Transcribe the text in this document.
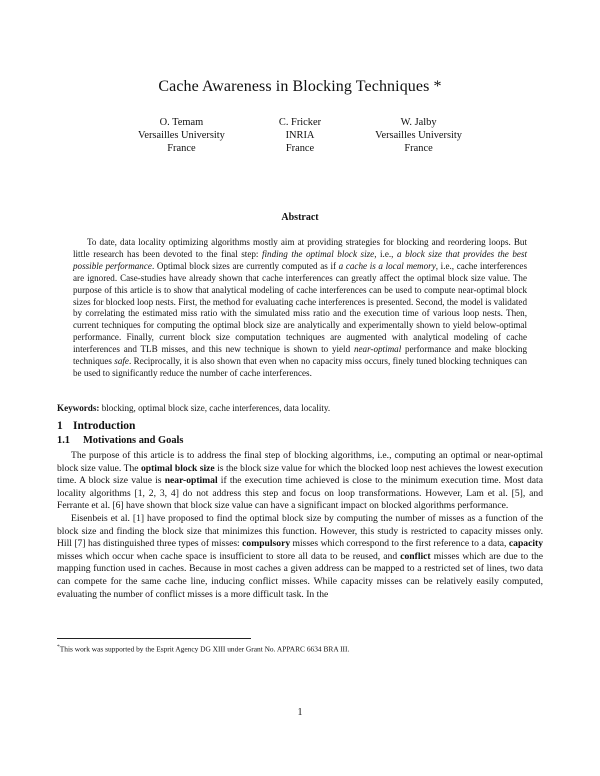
Cache Awareness in Blocking Techniques *
O. Temam
Versailles University
France
C. Fricker
INRIA
France
W. Jalby
Versailles University
France
Abstract

To date, data locality optimizing algorithms mostly aim at providing strategies for blocking and reordering loops. But little research has been devoted to the final step: finding the optimal block size, i.e., a block size that provides the best possible performance. Optimal block sizes are currently computed as if a cache is a local memory, i.e., cache interferences are ignored. Case-studies have already shown that cache interferences can greatly affect the optimal block size value. The purpose of this article is to show that analytical modeling of cache interferences can be used to compute near-optimal block sizes for blocked loop nests. First, the method for evaluating cache interferences is presented. Second, the model is validated by correlating the estimated miss ratio with the simulated miss ratio and the execution time of various loop nests. Then, current techniques for computing the optimal block size are analytically and experimentally shown to yield below-optimal performance. Finally, current block size computation techniques are augmented with analytical modeling of cache interferences and TLB misses, and this new technique is shown to yield near-optimal performance and make blocking techniques safe. Reciprocally, it is also shown that even when no capacity miss occurs, finely tuned blocking techniques can be used to significantly reduce the number of cache interferences.

Keywords: blocking, optimal block size, cache interferences, data locality.

1 Introduction
1.1 Motivations and Goals

The purpose of this article is to address the final step of blocking algorithms, i.e., computing an optimal or near-optimal block size value. The optimal block size is the block size value for which the blocked loop nest achieves the lowest execution time. A block size value is near-optimal if the execution time achieved is close to the minimum execution time. Most data locality algorithms [1, 2, 3, 4] do not address this step and focus on loop transformations. However, Lam et al. [5], and Ferrante et al. [6] have shown that block size value can have a significant impact on blocked algorithms performance.

Eisenbeis et al. [1] have proposed to find the optimal block size by computing the number of misses as a function of the block size and finding the block size that minimizes this function. However, this study is restricted to capacity misses only. Hill [7] has distinguished three types of misses: compulsory misses which correspond to the first reference to a data, capacity misses which occur when cache space is insufficient to store all data to be reused, and conflict misses which are due to the mapping function used in caches. Because in most caches a given address can be mapped to a restricted set of lines, two data can compete for the same cache line, inducing conflict misses. While capacity misses can be relatively easily computed, evaluating the number of conflict misses is a more difficult task. In the

*This work was supported by the Esprit Agency DG XIII under Grant No. APPARC 6634 BRA III.
1
